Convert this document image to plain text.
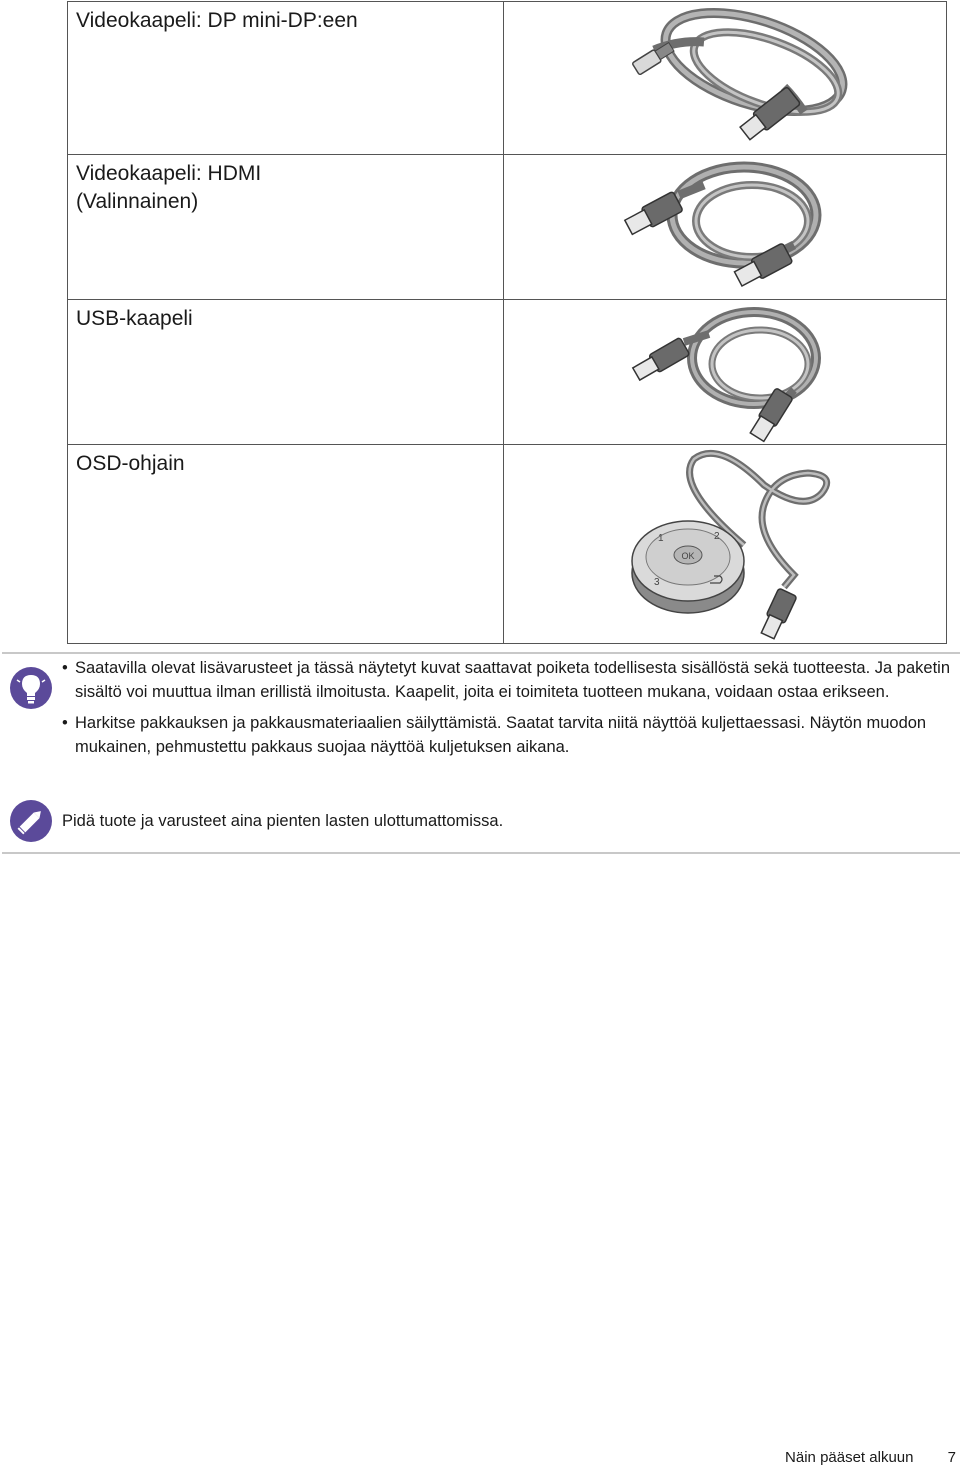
Videokaapeli: DP mini-DP:een

Videokaapeli: HDMI
(Valinnainen)

USB-kaapeli

OSD-ohjain	OK
1 2
3

• Saatavilla olevat lisävarusteet ja tässä näytetyt kuvat saattavat poiketa todellisesta sisällöstä sekä tuotteesta. Ja paketin sisältö voi muuttua ilman erillistä ilmoitusta. Kaapelit, joita ei toimiteta tuotteen mukana, voidaan ostaa erikseen.

• Harkitse pakkauksen ja pakkausmateriaalien säilyttämistä. Saatat tarvita niitä näyttöä kuljettaessasi. Näytön muodon mukainen, pehmustettu pakkaus suojaa näyttöä kuljetuksen aikana.

Pidä tuote ja varusteet aina pienten lasten ulottumattomissa.

Näin pääset alkuun 7
